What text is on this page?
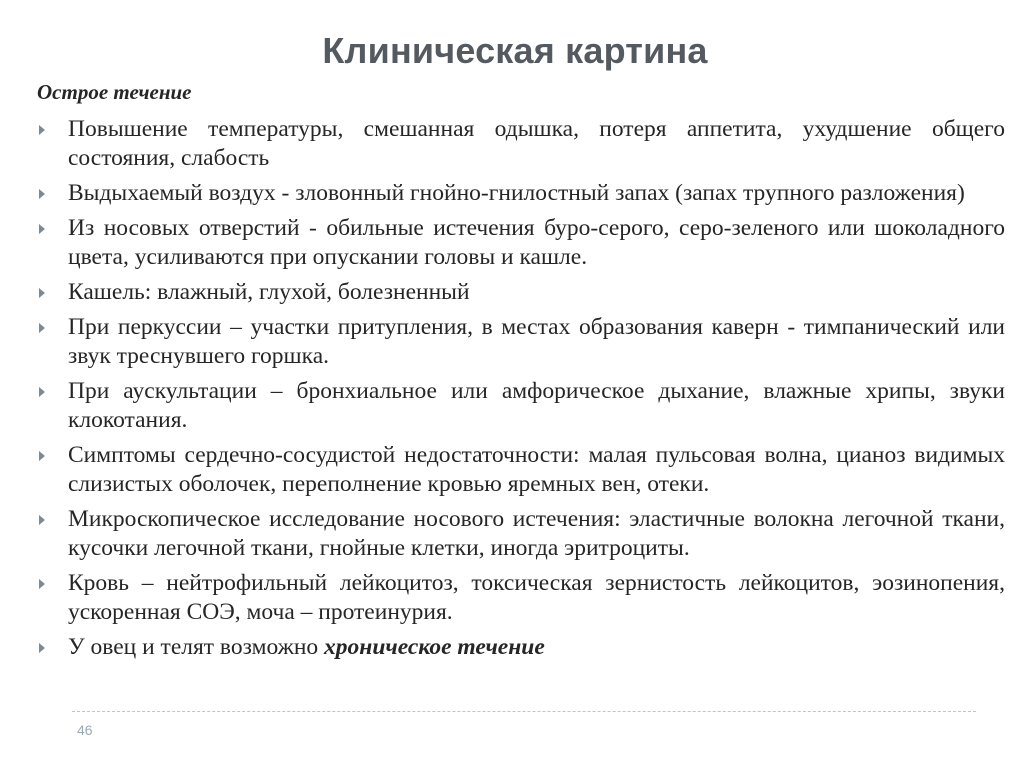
Клиническая картина
Острое течение
Повышение температуры, смешанная одышка, потеря аппетита, ухудшение общего состояния, слабость
Выдыхаемый воздух - зловонный гнойно-гнилостный запах (запах трупного разложения)
Из носовых отверстий - обильные истечения буро-серого, серо-зеленого или шоколадного цвета, усиливаются при опускании головы и кашле.
Кашель: влажный, глухой, болезненный
При перкуссии – участки притупления, в местах образования каверн - тимпанический или звук треснувшего горшка.
При аускультации – бронхиальное или амфорическое дыхание, влажные хрипы, звуки клокотания.
Симптомы сердечно-сосудистой недостаточности: малая пульсовая волна, цианоз видимых слизистых оболочек, переполнение кровью яремных вен, отеки.
Микроскопическое исследование носового истечения: эластичные волокна легочной ткани, кусочки легочной ткани, гнойные клетки, иногда эритроциты.
Кровь – нейтрофильный лейкоцитоз, токсическая зернистость лейкоцитов, эозинопения, ускоренная СОЭ, моча – протеинурия.
У овец и телят возможно хроническое течение
46
